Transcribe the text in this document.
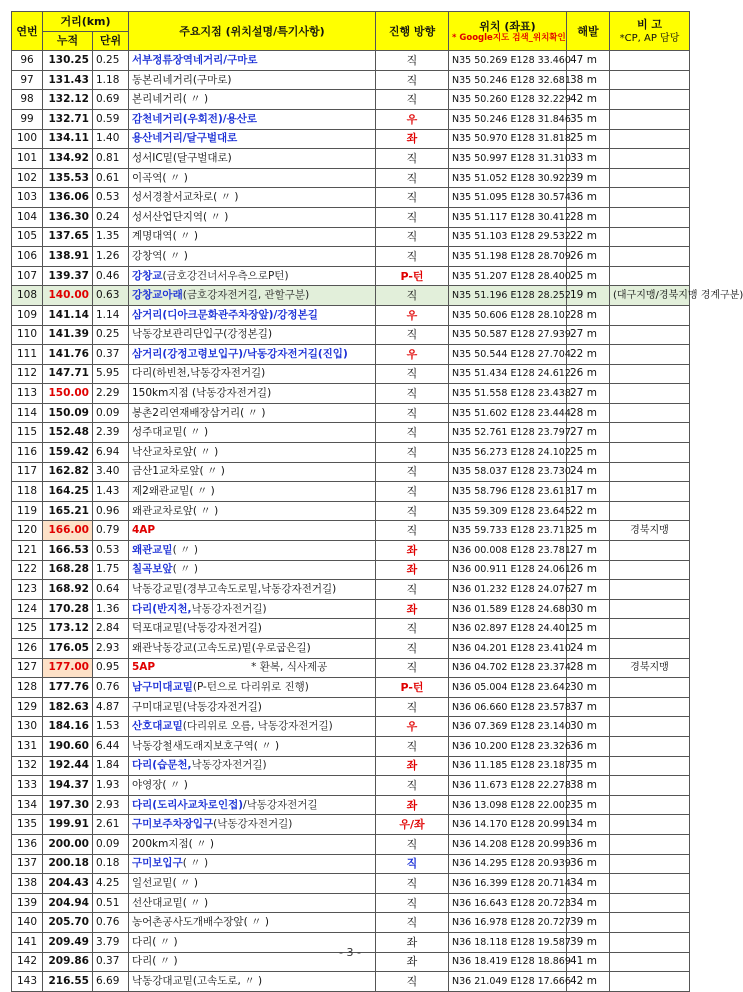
연번	거리(km)		주요지점 (위치설명/특기사항)	진행 방향	위치 (좌표)
* Google지도 검색_위치확인	해발	비 고
*CP, AP 담당
	누적	단위					
96	130.25	0.25	서부정류장역네거리/구마로	직	N35 50.269 E128 33.460	47 m	
97	131.43	1.18	동본리네거리(구마로)	직	N35 50.246 E128 32.681	38 m	
98	132.12	0.69	본리네거리( 〃 )	직	N35 50.260 E128 32.229	42 m	
99	132.71	0.59	감천네거리(우회전)/용산로	우	N35 50.246 E128 31.846	35 m	
100	134.11	1.40	용산네거리/달구벌대로	좌	N35 50.970 E128 31.818	25 m	
101	134.92	0.81	성서IC밑(달구벌대로)	직	N35 50.997 E128 31.310	33 m	
102	135.53	0.61	이곡역( 〃 )	직	N35 51.052 E128 30.922	39 m	
103	136.06	0.53	성서경찰서교차로( 〃 )	직	N35 51.095 E128 30.574	36 m	
104	136.30	0.24	성서산업단지역( 〃 )	직	N35 51.117 E128 30.412	28 m	
105	137.65	1.35	계명대역( 〃 )	직	N35 51.103 E128 29.532	22 m	
106	138.91	1.26	강창역( 〃 )	직	N35 51.198 E128 28.709	26 m	
107	139.37	0.46	강창교(금호강건너서우측으로P턴)	P-턴	N35 51.207 E128 28.400	25 m	
108	140.00	0.63	강창교아래(금호강자전거길, 관할구분)	직	N35 51.196 E128 28.252	19 m	(대구지맹/경북지맹 경계구분)
109	141.14	1.14	삼거리(디아크문화관주차장앞)/강정본길	우	N35 50.606 E128 28.102	28 m	
110	141.39	0.25	낙동강보관리단입구(강정본길)	직	N35 50.587 E128 27.939	27 m	
111	141.76	0.37	삼거리(강정고령보입구)/낙동강자전거길(진입)	우	N35 50.544 E128 27.704	22 m	
112	147.71	5.95	다리(하빈천,낙동강자전거길)	직	N35 51.434 E128 24.612	26 m	
113	150.00	2.29	150km지점 (낙동강자전거길)	직	N35 51.558 E128 23.438	27 m	
114	150.09	0.09	봉촌2리연재배장삼거리( 〃 )	직	N35 51.602 E128 23.444	28 m	
115	152.48	2.39	성주대교밑( 〃 )	직	N35 52.761 E128 23.797	27 m	
116	159.42	6.94	낙산교차로앞( 〃 )	직	N35 56.273 E128 24.102	25 m	
117	162.82	3.40	금산1교차로앞( 〃 )	직	N35 58.037 E128 23.730	24 m	
118	164.25	1.43	제2왜관교밑( 〃 )	직	N35 58.796 E128 23.613	17 m	
119	165.21	0.96	왜관교차로앞( 〃 )	직	N35 59.309 E128 23.645	22 m	
120	166.00	0.79	4AP	직	N35 59.733 E128 23.713	25 m	경북지맹
121	166.53	0.53	왜관교밑( 〃 )	좌	N36 00.008 E128 23.781	27 m	
122	168.28	1.75	칠곡보앞( 〃 )	좌	N36 00.911 E128 24.061	26 m	
123	168.92	0.64	낙동강교밑(경부고속도로밑,낙동강자전거길)	직	N36 01.232 E128 24.076	27 m	
124	170.28	1.36	다리(반지천,낙동강자전거길)	좌	N36 01.589 E128 24.680	30 m	
125	173.12	2.84	덕포대교밑(낙동강자전거길)	직	N36 02.897 E128 24.401	25 m	
126	176.05	2.93	왜관낙동강교(고속도로)밑(우로굽은길)	직	N36 04.201 E128 23.410	24 m	
127	177.00	0.95	5AP * 환복, 식사제공	직	N36 04.702 E128 23.374	28 m	경북지맹
128	177.76	0.76	남구미대교밑(P-턴으로 다리위로 진행)	P-턴	N36 05.004 E128 23.642	30 m	
129	182.63	4.87	구미대교밑(낙동강자전거길)	직	N36 06.660 E128 23.578	37 m	
130	184.16	1.53	산호대교밑(다리위로 오름, 낙동강자전거길)	우	N36 07.369 E128 23.140	30 m	
131	190.60	6.44	낙동강철새도래지보호구역( 〃 )	직	N36 10.200 E128 23.326	36 m	
132	192.44	1.84	다리(습문천,낙동강자전거길)	좌	N36 11.185 E128 23.187	35 m	
133	194.37	1.93	야영장( 〃 )	직	N36 11.673 E128 22.278	38 m	
134	197.30	2.93	다리(도리사교차로인접)/낙동강자전거길	좌	N36 13.098 E128 22.002	35 m	
135	199.91	2.61	구미보주차장입구(낙동강자전거길)	우/좌	N36 14.170 E128 20.991	34 m	
136	200.00	0.09	200km지점( 〃 )	직	N36 14.208 E128 20.993	36 m	
137	200.18	0.18	구미보입구( 〃 )	직	N36 14.295 E128 20.939	36 m	
138	204.43	4.25	일선교밑( 〃 )	직	N36 16.399 E128 20.714	34 m	
139	204.94	0.51	선산대교밑( 〃 )	직	N36 16.643 E128 20.723	34 m	
140	205.70	0.76	농어촌공사도개배수장앞( 〃 )	직	N36 16.978 E128 20.727	39 m	
141	209.49	3.79	다리( 〃 )	좌	N36 18.118 E128 19.587	39 m	
142	209.86	0.37	다리( 〃 )	좌	N36 18.419 E128 18.869	41 m	
143	216.55	6.69	낙동강대교밑(고속도로, 〃 )	직	N36 21.049 E128 17.666	42 m	
- 3 -
